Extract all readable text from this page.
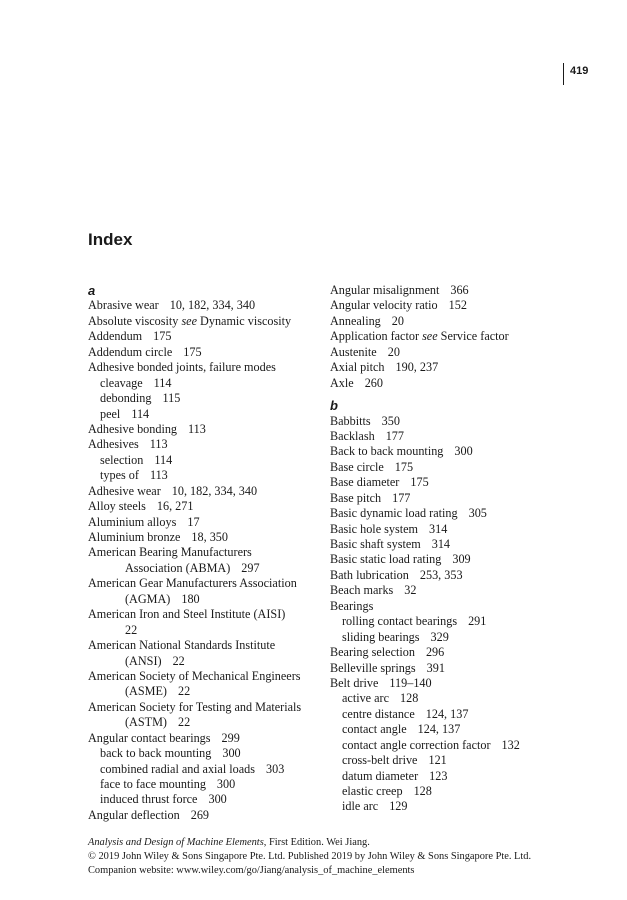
419
Index
a
Abrasive wear 10, 182, 334, 340
Absolute viscosity see Dynamic viscosity
Addendum 175
Addendum circle 175
Adhesive bonded joints, failure modes
cleavage 114
debonding 115
peel 114
Adhesive bonding 113
Adhesives 113
selection 114
types of 113
Adhesive wear 10, 182, 334, 340
Alloy steels 16, 271
Aluminium alloys 17
Aluminium bronze 18, 350
American Bearing Manufacturers
Association (ABMA) 297
American Gear Manufacturers Association
(AGMA) 180
American Iron and Steel Institute (AISI)
22
American National Standards Institute
(ANSI) 22
American Society of Mechanical Engineers
(ASME) 22
American Society for Testing and Materials
(ASTM) 22
Angular contact bearings 299
back to back mounting 300
combined radial and axial loads 303
face to face mounting 300
induced thrust force 300
Angular deflection 269
Angular misalignment 366
Angular velocity ratio 152
Annealing 20
Application factor see Service factor
Austenite 20
Axial pitch 190, 237
Axle 260
b
Babbitts 350
Backlash 177
Back to back mounting 300
Base circle 175
Base diameter 175
Base pitch 177
Basic dynamic load rating 305
Basic hole system 314
Basic shaft system 314
Basic static load rating 309
Bath lubrication 253, 353
Beach marks 32
Bearings
rolling contact bearings 291
sliding bearings 329
Bearing selection 296
Belleville springs 391
Belt drive 119–140
active arc 128
centre distance 124, 137
contact angle 124, 137
contact angle correction factor 132
cross-belt drive 121
datum diameter 123
elastic creep 128
idle arc 129
Analysis and Design of Machine Elements, First Edition. Wei Jiang.
© 2019 John Wiley & Sons Singapore Pte. Ltd. Published 2019 by John Wiley & Sons Singapore Pte. Ltd.
Companion website: www.wiley.com/go/Jiang/analysis_of_machine_elements
